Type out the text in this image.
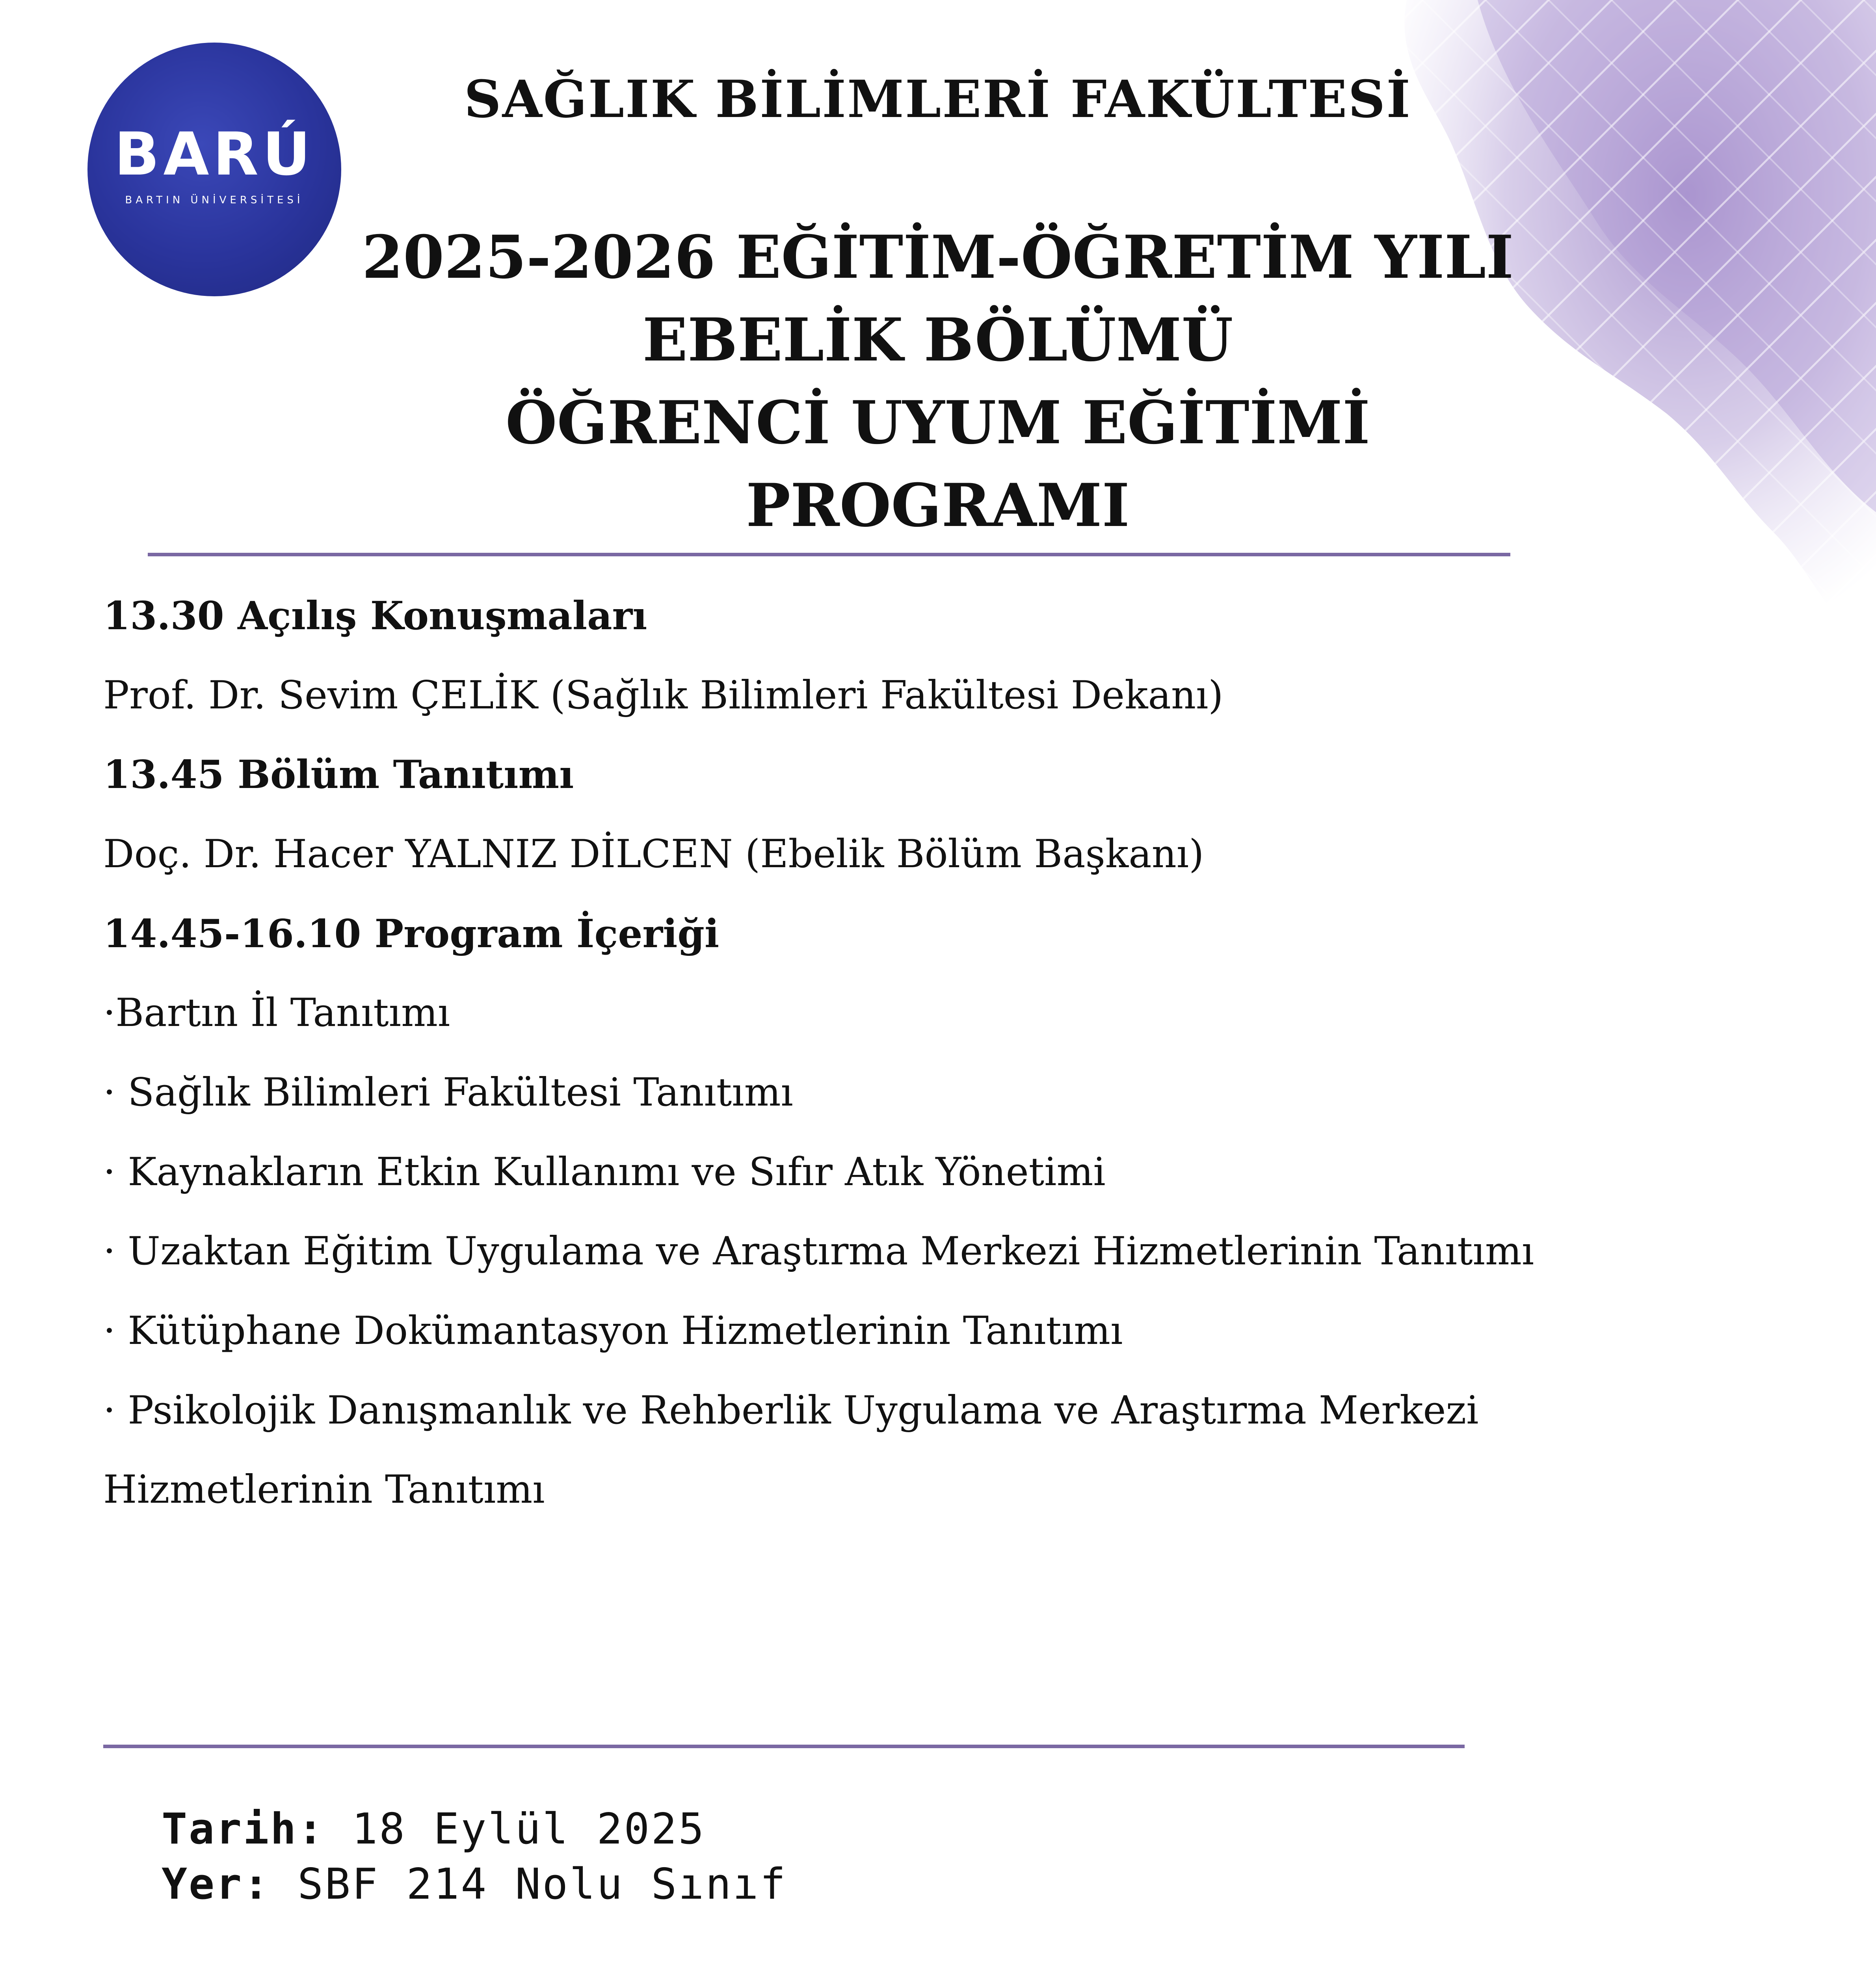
BARÚ
BARTIN ÜNİVERSİTESİ
SAĞLIK BİLİMLERİ FAKÜLTESİ
2025-2026 EĞİTİM-ÖĞRETİM YILI
EBELİK BÖLÜMÜ
ÖĞRENCİ UYUM EĞİTİMİ
PROGRAMI
13.30 Açılış Konuşmaları
Prof. Dr. Sevim ÇELİK (Sağlık Bilimleri Fakültesi Dekanı)
13.45 Bölüm Tanıtımı
Doç. Dr. Hacer YALNIZ DİLCEN (Ebelik Bölüm Başkanı)
14.45-16.10 Program İçeriği
·Bartın İl Tanıtımı
· Sağlık Bilimleri Fakültesi Tanıtımı
· Kaynakların Etkin Kullanımı ve Sıfır Atık Yönetimi
· Uzaktan Eğitim Uygulama ve Araştırma Merkezi Hizmetlerinin Tanıtımı
· Kütüphane Dokümantasyon Hizmetlerinin Tanıtımı
· Psikolojik Danışmanlık ve Rehberlik Uygulama ve Araştırma Merkezi
Hizmetlerinin Tanıtımı
Tarih: 18 Eylül 2025
Yer: SBF 214 Nolu Sınıf
